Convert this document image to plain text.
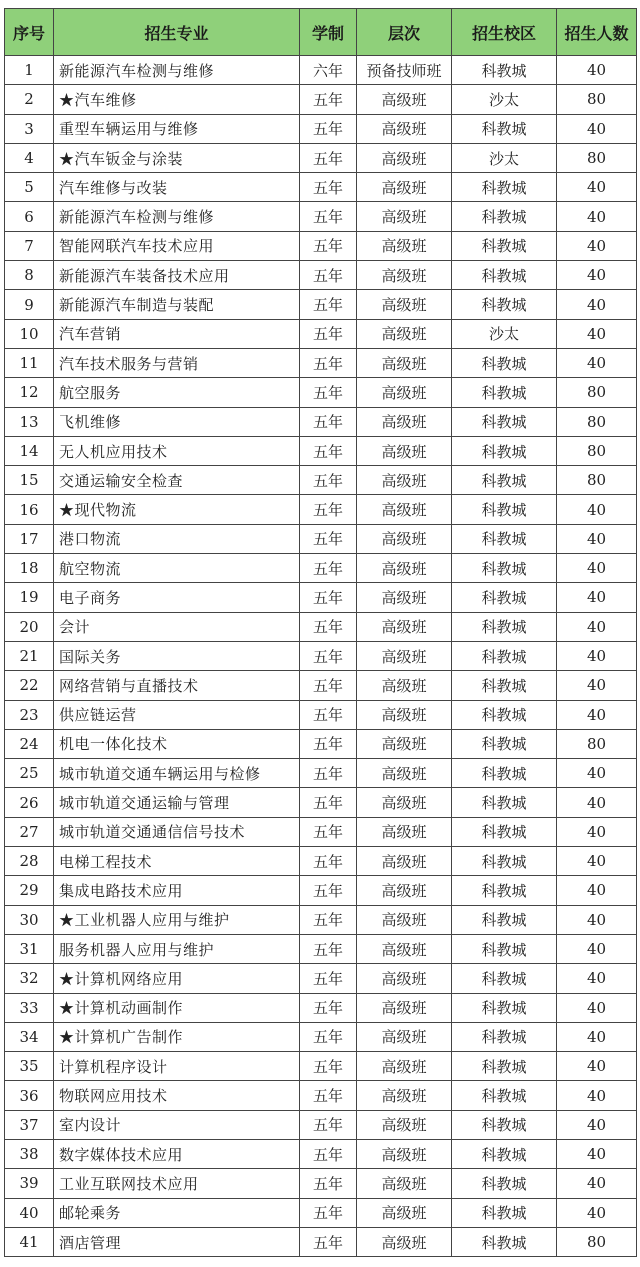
序号	招生专业	学制	层次	招生校区	招生人数
1	新能源汽车检测与维修	六年	预备技师班	科教城	40
2	★汽车维修	五年	高级班	沙太	80
3	重型车辆运用与维修	五年	高级班	科教城	40
4	★汽车钣金与涂装	五年	高级班	沙太	80
5	汽车维修与改装	五年	高级班	科教城	40
6	新能源汽车检测与维修	五年	高级班	科教城	40
7	智能网联汽车技术应用	五年	高级班	科教城	40
8	新能源汽车装备技术应用	五年	高级班	科教城	40
9	新能源汽车制造与装配	五年	高级班	科教城	40
10	汽车营销	五年	高级班	沙太	40
11	汽车技术服务与营销	五年	高级班	科教城	40
12	航空服务	五年	高级班	科教城	80
13	飞机维修	五年	高级班	科教城	80
14	无人机应用技术	五年	高级班	科教城	80
15	交通运输安全检查	五年	高级班	科教城	80
16	★现代物流	五年	高级班	科教城	40
17	港口物流	五年	高级班	科教城	40
18	航空物流	五年	高级班	科教城	40
19	电子商务	五年	高级班	科教城	40
20	会计	五年	高级班	科教城	40
21	国际关务	五年	高级班	科教城	40
22	网络营销与直播技术	五年	高级班	科教城	40
23	供应链运营	五年	高级班	科教城	40
24	机电一体化技术	五年	高级班	科教城	80
25	城市轨道交通车辆运用与检修	五年	高级班	科教城	40
26	城市轨道交通运输与管理	五年	高级班	科教城	40
27	城市轨道交通通信信号技术	五年	高级班	科教城	40
28	电梯工程技术	五年	高级班	科教城	40
29	集成电路技术应用	五年	高级班	科教城	40
30	★工业机器人应用与维护	五年	高级班	科教城	40
31	服务机器人应用与维护	五年	高级班	科教城	40
32	★计算机网络应用	五年	高级班	科教城	40
33	★计算机动画制作	五年	高级班	科教城	40
34	★计算机广告制作	五年	高级班	科教城	40
35	计算机程序设计	五年	高级班	科教城	40
36	物联网应用技术	五年	高级班	科教城	40
37	室内设计	五年	高级班	科教城	40
38	数字媒体技术应用	五年	高级班	科教城	40
39	工业互联网技术应用	五年	高级班	科教城	40
40	邮轮乘务	五年	高级班	科教城	40
41	酒店管理	五年	高级班	科教城	80
